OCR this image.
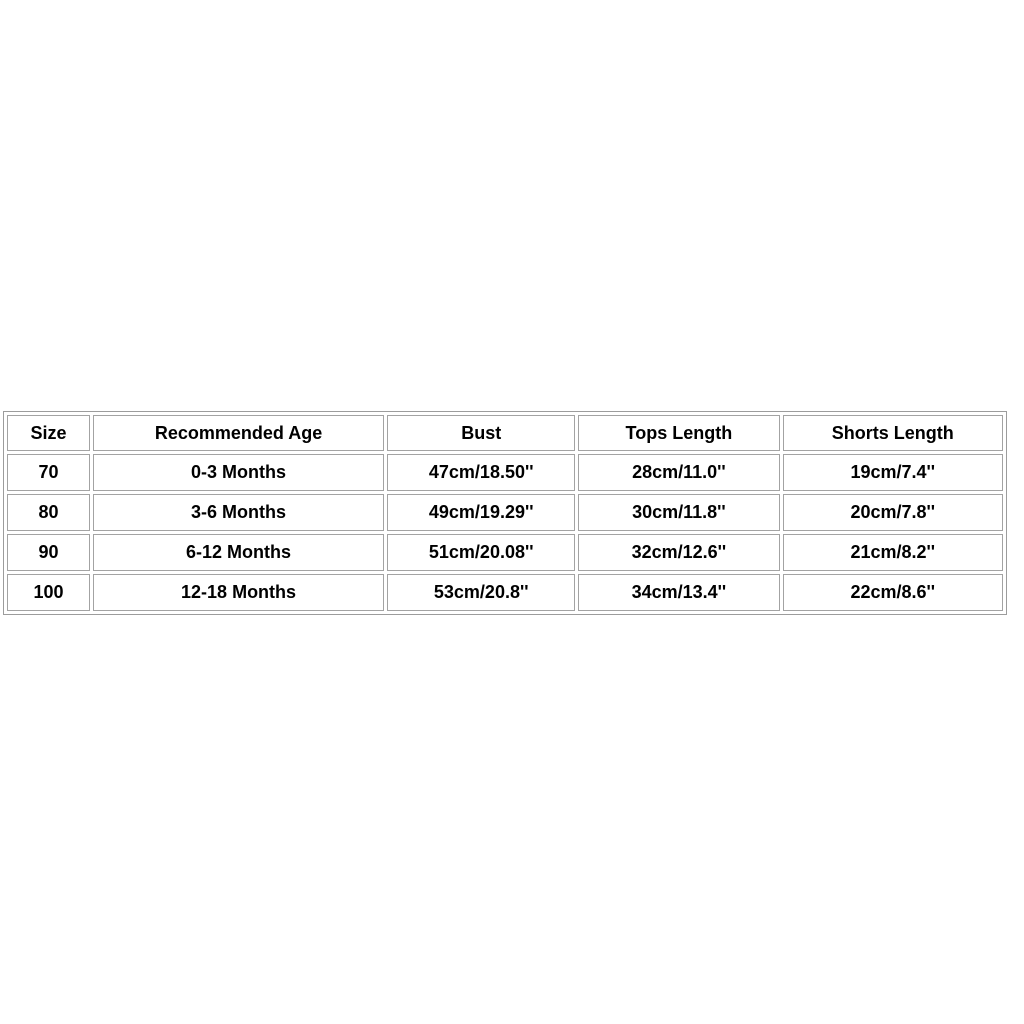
Size	Recommended Age	Bust	Tops Length	Shorts Length
70	0-3 Months	47cm/18.50''	28cm/11.0''	19cm/7.4''
80	3-6 Months	49cm/19.29''	30cm/11.8''	20cm/7.8''
90	6-12 Months	51cm/20.08''	32cm/12.6''	21cm/8.2''
100	12-18 Months	53cm/20.8''	34cm/13.4''	22cm/8.6''
